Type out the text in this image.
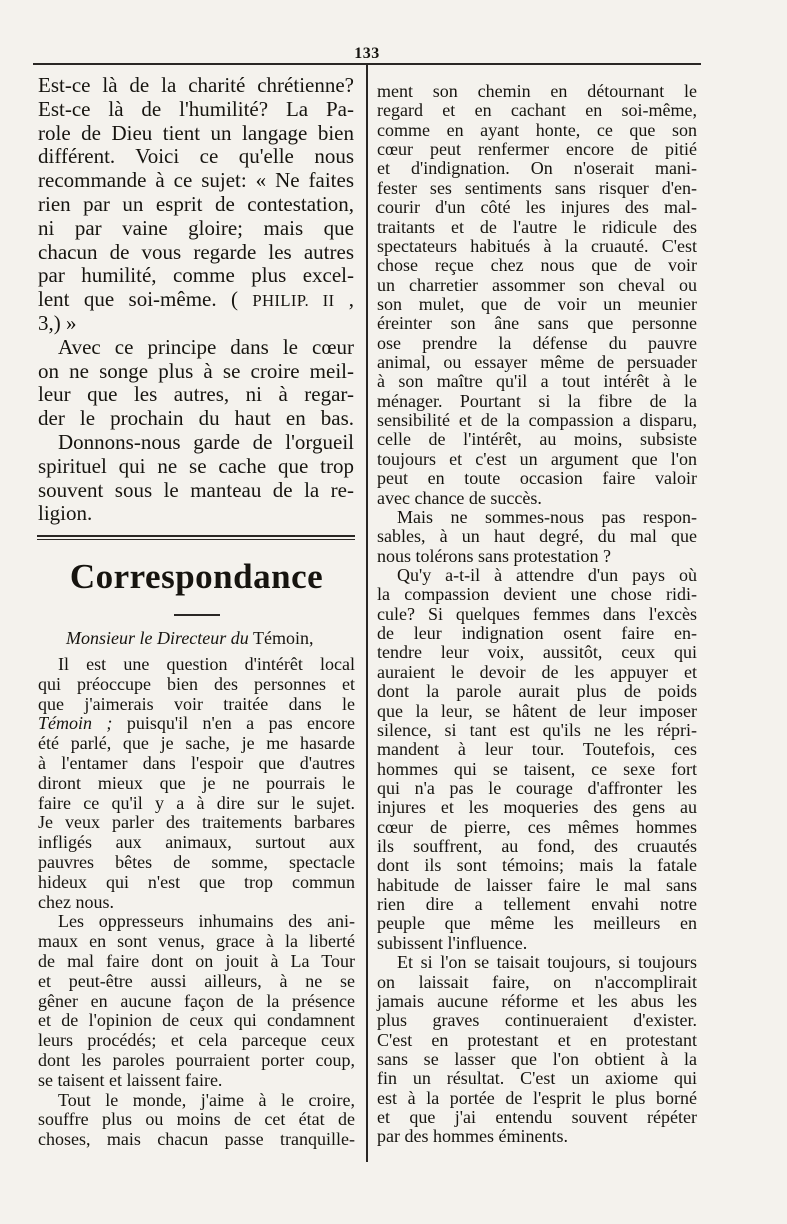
133
Est-ce là de la charité chrétienne?
Est-ce là de l'humilité? La Pa-
role de Dieu tient un langage bien
différent. Voici ce qu'elle nous
recommande à ce sujet: « Ne faites
rien par un esprit de contestation,
ni par vaine gloire; mais que
chacun de vous regarde les autres
par humilité, comme plus excel-
lent que soi-même. ( PHILIP. II ,
3,) »
Avec ce principe dans le cœur
on ne songe plus à se croire meil-
leur que les autres, ni à regar-
der le prochain du haut en bas.
Donnons-nous garde de l'orgueil
spirituel qui ne se cache que trop
souvent sous le manteau de la re-
ligion.
Correspondance
Monsieur le Directeur du Témoin,
Il est une question d'intérêt local
qui préoccupe bien des personnes et
que j'aimerais voir traitée dans le
Témoin ; puisqu'il n'en a pas encore
été parlé, que je sache, je me hasarde
à l'entamer dans l'espoir que d'autres
diront mieux que je ne pourrais le
faire ce qu'il y a à dire sur le sujet.
Je veux parler des traitements barbares
infligés aux animaux, surtout aux
pauvres bêtes de somme, spectacle
hideux qui n'est que trop commun
chez nous.
Les oppresseurs inhumains des ani-
maux en sont venus, grace à la liberté
de mal faire dont on jouit à La Tour
et peut-être aussi ailleurs, à ne se
gêner en aucune façon de la présence
et de l'opinion de ceux qui condamnent
leurs procédés; et cela parceque ceux
dont les paroles pourraient porter coup,
se taisent et laissent faire.
Tout le monde, j'aime à le croire,
souffre plus ou moins de cet état de
choses, mais chacun passe tranquille-
ment son chemin en détournant le
regard et en cachant en soi-même,
comme en ayant honte, ce que son
cœur peut renfermer encore de pitié
et d'indignation. On n'oserait mani-
fester ses sentiments sans risquer d'en-
courir d'un côté les injures des mal-
traitants et de l'autre le ridicule des
spectateurs habitués à la cruauté. C'est
chose reçue chez nous que de voir
un charretier assommer son cheval ou
son mulet, que de voir un meunier
éreinter son âne sans que personne
ose prendre la défense du pauvre
animal, ou essayer même de persuader
à son maître qu'il a tout intérêt à le
ménager. Pourtant si la fibre de la
sensibilité et de la compassion a disparu,
celle de l'intérêt, au moins, subsiste
toujours et c'est un argument que l'on
peut en toute occasion faire valoir
avec chance de succès.
Mais ne sommes-nous pas respon-
sables, à un haut degré, du mal que
nous tolérons sans protestation ?
Qu'y a-t-il à attendre d'un pays où
la compassion devient une chose ridi-
cule? Si quelques femmes dans l'excès
de leur indignation osent faire en-
tendre leur voix, aussitôt, ceux qui
auraient le devoir de les appuyer et
dont la parole aurait plus de poids
que la leur, se hâtent de leur imposer
silence, si tant est qu'ils ne les répri-
mandent à leur tour. Toutefois, ces
hommes qui se taisent, ce sexe fort
qui n'a pas le courage d'affronter les
injures et les moqueries des gens au
cœur de pierre, ces mêmes hommes
ils souffrent, au fond, des cruautés
dont ils sont témoins; mais la fatale
habitude de laisser faire le mal sans
rien dire a tellement envahi notre
peuple que même les meilleurs en
subissent l'influence.
Et si l'on se taisait toujours, si toujours
on laissait faire, on n'accomplirait
jamais aucune réforme et les abus les
plus graves continueraient d'exister.
C'est en protestant et en protestant
sans se lasser que l'on obtient à la
fin un résultat. C'est un axiome qui
est à la portée de l'esprit le plus borné
et que j'ai entendu souvent répéter
par des hommes éminents.
